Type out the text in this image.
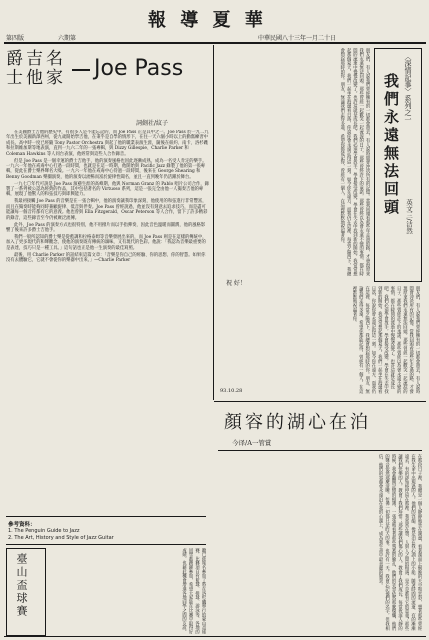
第四版	六期第
報 導 夏 華
中華民國八十三年一月二十日
爵士
吉他
名家 Joe Pass
詞劍社/紋子

在美國爵士吉他的歷史中，有很多人是不能忘記的，而 Joe Pass 正是其中之一。Joe Pass 於一九二九年出生於美國新澤西州，從九歲開始學吉他，在秉乎是自學的情形下，在往一天六個小時以上的勤奮練習中成長。高中時一度已經隨 Tony Pastor Orchestra 與起了他的職業表演生涯，隨後在紐約、南卡、洛杉磯和拉斯維加斯等地表演，直到一九六二年的一張專輯，與 Dizzy Gillespie、Charlie Parker 和 Coleman Hawkins 等人同台表演，他經常與這些人合作錄音。

但是 Joe Pass 是一個幸運的爵士吉他手，他的演奏風格也因此逐漸成熟，成為一名受人肯定的樂手。一九六一年他在戒毒中心打過一段時間，也就是在這一時期，他開始與 Pacific Jazz 錄製了他的第一張專輯，從此在爵士樂界聲名大噪。一九六一年他在戒毒中心待過一段時間，後來在 George Shearing 和 Benny Goodman 樂團演奏，他的演奏以流暢而富於旋律性聞名，並且一直到晚年仍活躍於舞台。

一九七〇年代可說是 Joe Pass 演藝生涯的高峰期，他與 Norman Granz 的 Pablo 唱片公司合作，錄製了一系列被公認為經典的作品，其中包括著名的 Virtuoso 系列，這是一張完全由他一人獨奏吉他的專輯，展現了他驚人的和弦技巧與即興能力。

我最初接觸 Joe Pass 的音樂是在一張合輯中，他的演奏讓我印象深刻，他使用的和弦進行非常豐富，而且在獨奏時能夠同時兼顧旋律、低音與伴奏。Joe Pass 曾經說過，他並沒有刻意去追求技巧，而是盡可能讓每一個音符都有它的意義。他也曾與 Ella Fitzgerald、Oscar Peterson 等人合作，留下了許多精彩的錄音，這些錄音至今仍被廣泛流傳。

此外，Joe Pass 的演奏方式也很特別，他不用撥片而以手指彈奏，因此音色溫暖而圓潤，他的風格影響了後來許多爵士吉他手。

我們一般所認知的爵士樂是從藍調和拉格泰姆等音樂發展出來的，而 Joe Pass 則是在這樣的傳統中，加入了更多現代的和聲觀念，使他的演奏既有傳統的韻味，又有現代的色彩。他說：「我認為音樂最重要的是表達，技巧只是一種工具。」這句話也正是他一生演奏的最佳寫照。

最後，用 Charlie Parker 的話結束這篇文章：「音樂是你自己的經驗、你的思想、你的智慧。如果你沒有去體驗它，它就不會從你的樂器中出來。」—Charlie Parker

參考資料：
1. The Penguin Guide to Jazz
2. The Art, History and Style of Jazz Guitar
臺山盃球賽	聽已經報名參加了將在洛杉磯舉行的臺山盃球賽，比賽項目有籃球、排球、游泳等，各地的同學都踴躍參加，希望大家能在比賽中取得好成績，也藉此機會增進各地同學之間的友誼。
〈深情記事〉系列之一
我們永遠無法回頭 英文三/洁然
朋友們，有人說我們曾經擁有的一切都會過去，有人說時間會沖淡所有的記憶。當我回頭看那些年走過的路，才發現原來我們永遠無法回頭。那些曾經一起歡笑一起流淚的日子，那些曾經許下的承諾，那些曾經以為會永遠不變的事情，都在時間的流逝中慢慢改變了。也許這就是成長吧，我們必須學會放手，學會接受改變，學會在失去中找到新的開始。我常常想起那個夏天，我們一起坐在海邊看日落，你說你會永遠記得這一刻。如今你在遠方，而我仍在這裡，每當夕陽西下，我總會想起那時的你。朋友，無論我們走得多遠，希望你都能記得，曾經有一個人，在這裡默默地祝福著你。
朋友們，有人說我們曾經擁有的一切都會過去，有人說時間會沖淡所有的記憶。當我回頭看那些年走過的路，才發現原來我們永遠無法回頭。那些曾經一起歡笑一起流淚的日子，那些曾經許下的承諾，那些曾經以為會永遠不變的事情，都在時間的流逝中慢慢改變了。也許這就是成長吧，我們必須學會放手，學會接受改變，學會在失去中找到新的開始。我常常想起那個夏天，我們一起坐在海邊看日落，你說你會永遠記得這一刻。如今你在遠方，而我仍在這裡，每當夕陽西下，我總會想起那時的你。朋友，無論我們走得多遠，希望你都能記得，曾經有一個人，在這裡默默地祝福著你。
祝 好！
93.10.28
泊在心湖的容顏
今译/A一管賞
在那段日子裡，我總是一個人靜靜地坐在湖邊，看著湖面上倒映的天空和雲彩，想著那些曾經在我生命中出現過的人。他們的容顏，像是泊在我心湖上的小船，隨著時間的流逝，有的漸漸遠去，有的卻始終停留在那裡。我常常在想，人與人之間的相遇，是不是都有它的意義？那些讓我們快樂的人，教會了我們珍惜；那些讓我們傷心的人，教會了我們成長。每當夜深人靜的時候，我會翻開記憶的相簿，一張張地看著那些熟悉的臉孔，他們的笑容依然那麼燦爛，他們的聲音依然那麼清晰，彷彿一切都只是昨天的事。也許有一天，我會忘記他們的名字，但我相信，他們的容顏會永遠泊在我的心湖上，成為我生命中最美麗的風景。
